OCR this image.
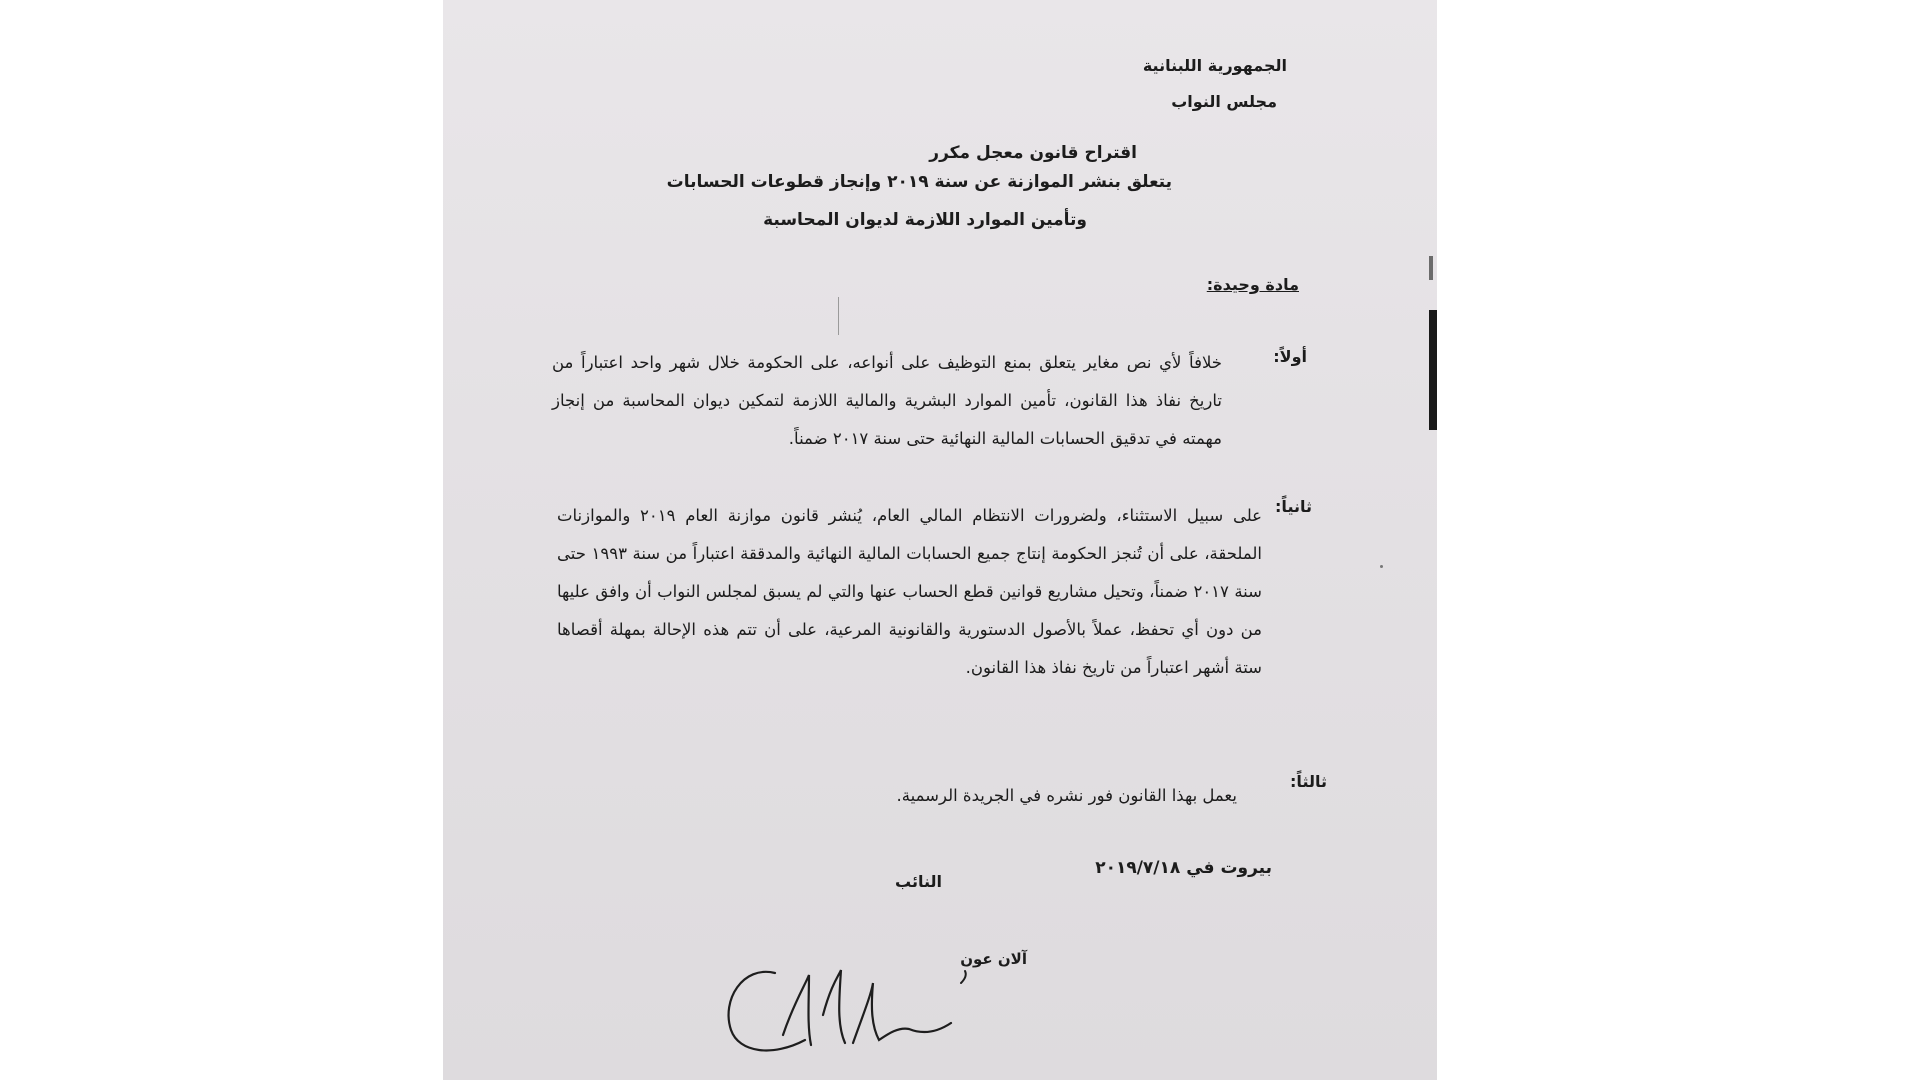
الجمهورية اللبنانية
مجلس النواب
اقتراح قانون معجل مكرر
يتعلق بنشر الموازنة عن سنة ٢٠١٩ وإنجاز قطوعات الحسابات
وتأمين الموارد اللازمة لديوان المحاسبة
مادة وحيدة:
أولاً:
خلافاً لأي نص مغاير يتعلق بمنع التوظيف على أنواعه، على الحكومة خلال شهر واحد اعتباراً من تاريخ نفاذ هذا القانون، تأمين الموارد البشرية والمالية اللازمة لتمكين ديوان المحاسبة من إنجاز مهمته في تدقيق الحسابات المالية النهائية حتى سنة ٢٠١٧ ضمناً.
ثانياً:
على سبيل الاستثناء، ولضرورات الانتظام المالي العام، يُنشر قانون موازنة العام ٢٠١٩ والموازنات الملحقة، على أن تُنجز الحكومة إنتاج جميع الحسابات المالية النهائية والمدققة اعتباراً من سنة ١٩٩٣ حتى سنة ٢٠١٧ ضمناً، وتحيل مشاريع قوانين قطع الحساب عنها والتي لم يسبق لمجلس النواب أن وافق عليها من دون أي تحفظ، عملاً بالأصول الدستورية والقانونية المرعية، على أن تتم هذه الإحالة بمهلة أقصاها ستة أشهر اعتباراً من تاريخ نفاذ هذا القانون.
ثالثاً:
يعمل بهذا القانون فور نشره في الجريدة الرسمية.
بيروت في ٢٠١٩/٧/١٨
النائب
آلان عون
